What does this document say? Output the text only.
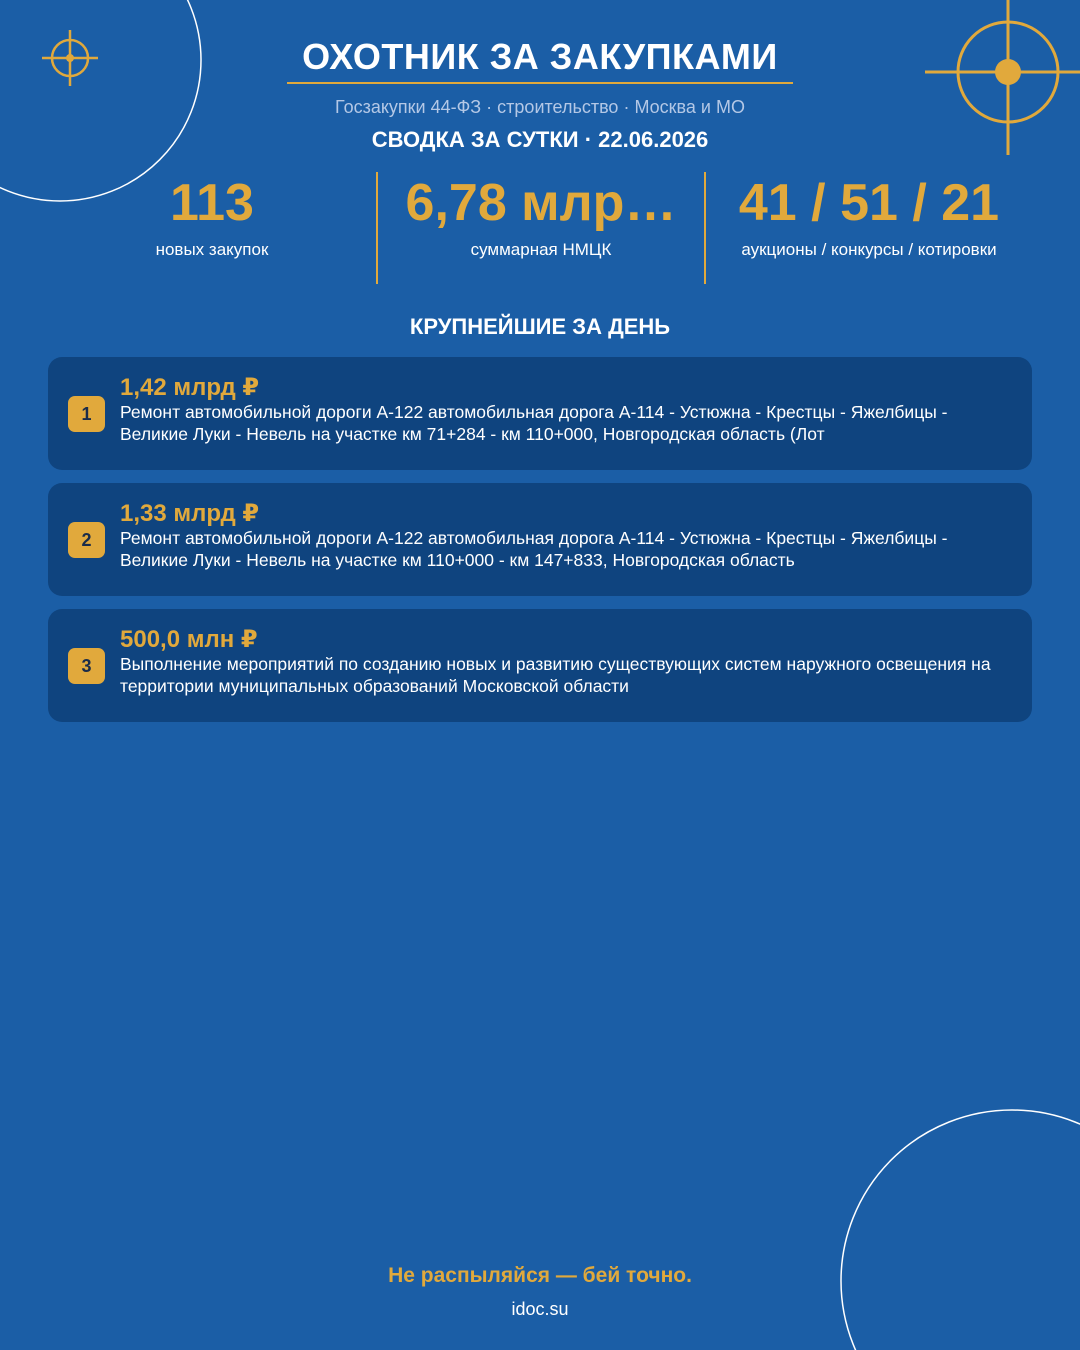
ОХОТНИК ЗА ЗАКУПКАМИ
Госзакупки 44-ФЗ · строительство · Москва и МО
СВОДКА ЗА СУТКИ · 22.06.2026
113
новых закупок
6,78 млр…
суммарная НМЦК
41 / 51 / 21
аукционы / конкурсы / котировки
КРУПНЕЙШИЕ ЗА ДЕНЬ
1
1,42 млрд ₽
Ремонт автомобильной дороги А-122 автомобильная дорога А-114 - Устюжна - Крестцы - Яжелбицы - Великие Луки - Невель на участке км 71+284 - км 110+000, Новгородская область (Лот
2
1,33 млрд ₽
Ремонт автомобильной дороги А-122 автомобильная дорога А-114 - Устюжна - Крестцы - Яжелбицы - Великие Луки - Невель на участке км 110+000 - км 147+833, Новгородская область
3
500,0 млн ₽
Выполнение мероприятий по созданию новых и развитию существующих систем наружного освещения на территории муниципальных образований Московской области
Не распыляйся — бей точно.
idoc.su
